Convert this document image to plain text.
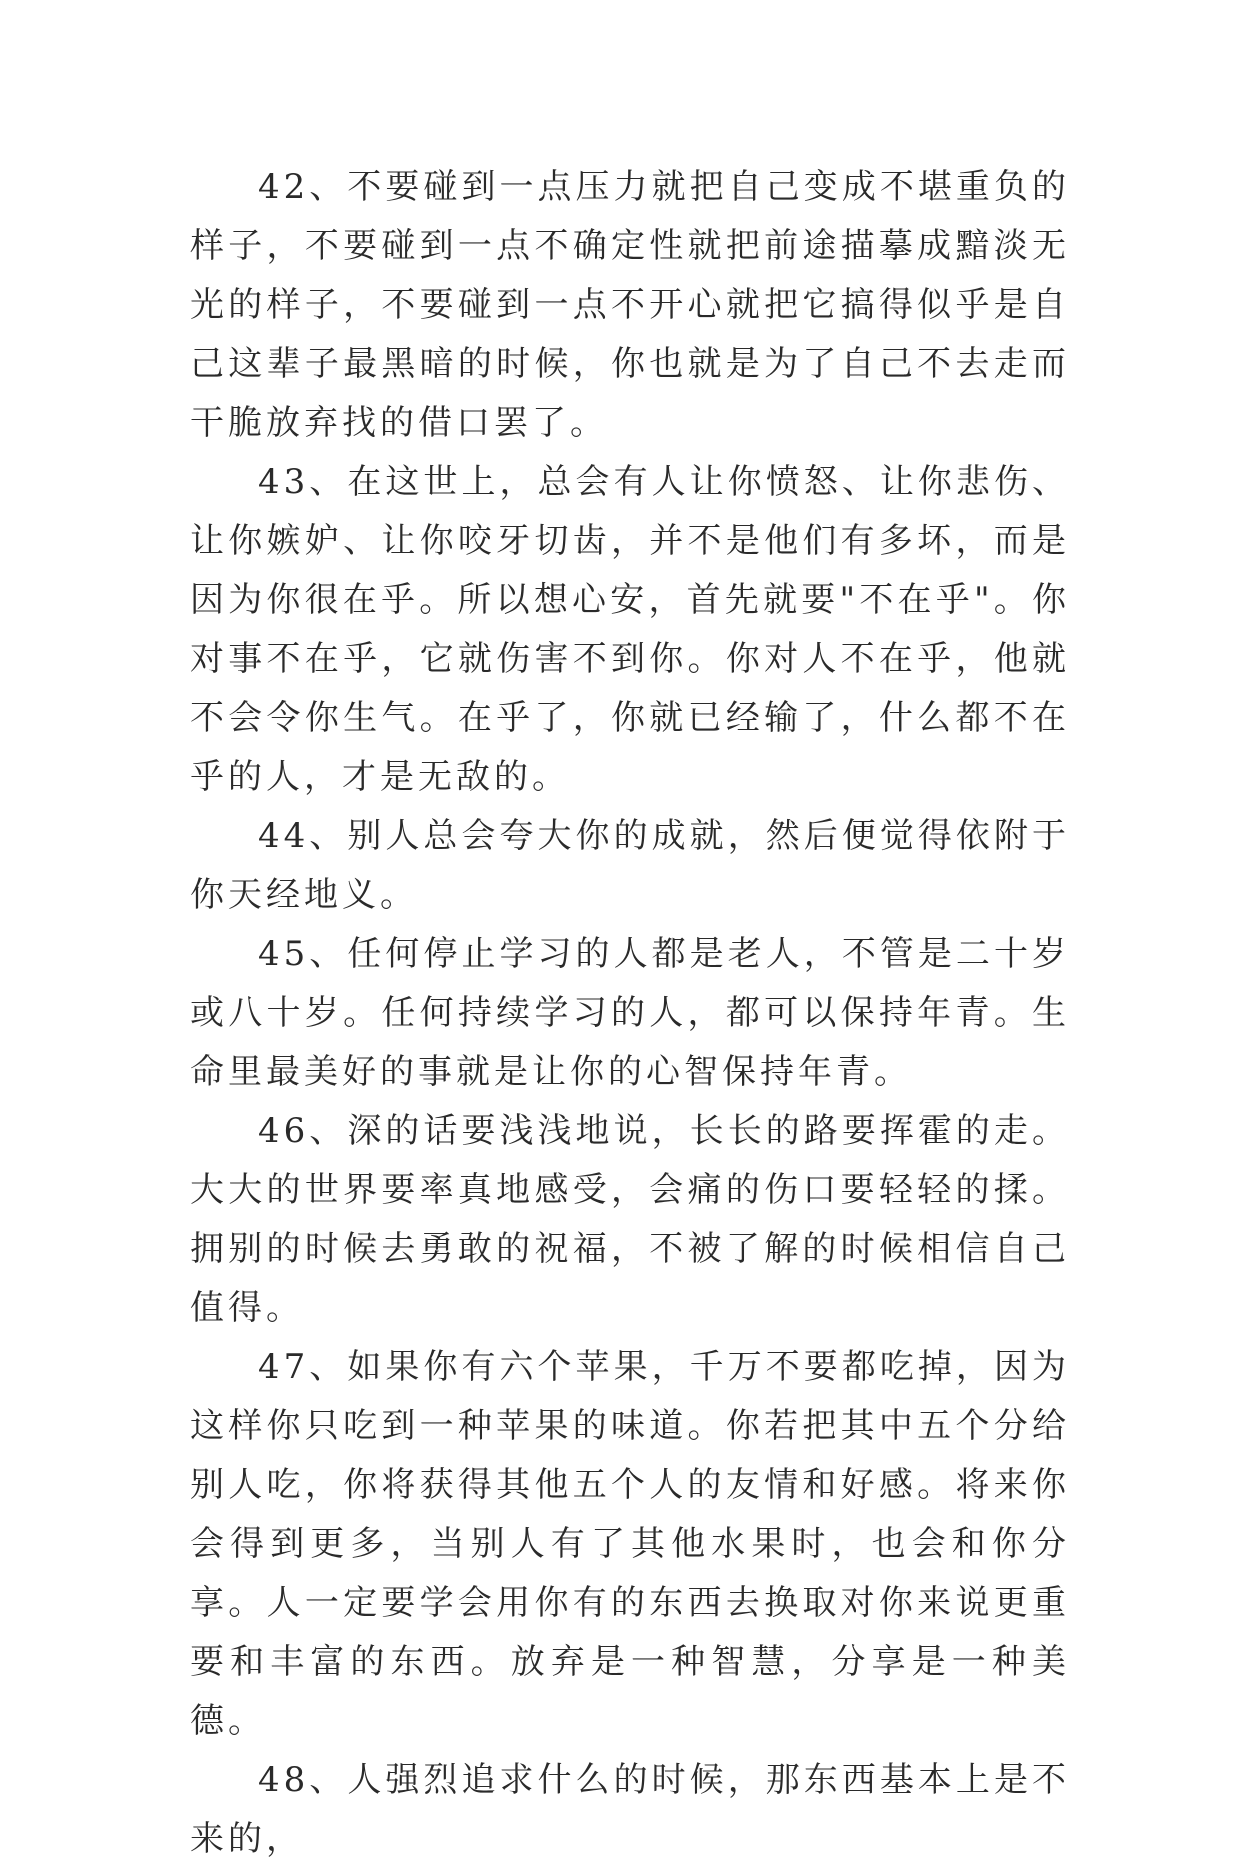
42、不要碰到一点压力就把自己变成不堪重负的样子，不要碰到一点不确定性就把前途描摹成黯淡无光的样子，不要碰到一点不开心就把它搞得似乎是自己这辈子最黑暗的时候，你也就是为了自己不去走而干脆放弃找的借口罢了。

43、在这世上，总会有人让你愤怒、让你悲伤、让你嫉妒、让你咬牙切齿，并不是他们有多坏，而是因为你很在乎。所以想心安，首先就要"不在乎"。你对事不在乎，它就伤害不到你。你对人不在乎，他就不会令你生气。在乎了，你就已经输了，什么都不在乎的人，才是无敌的。

44、别人总会夸大你的成就，然后便觉得依附于你天经地义。

45、任何停止学习的人都是老人，不管是二十岁或八十岁。任何持续学习的人，都可以保持年青。生命里最美好的事就是让你的心智保持年青。

46、深的话要浅浅地说，长长的路要挥霍的走。大大的世界要率真地感受，会痛的伤口要轻轻的揉。拥别的时候去勇敢的祝福，不被了解的时候相信自己值得。

47、如果你有六个苹果，千万不要都吃掉，因为这样你只吃到一种苹果的味道。你若把其中五个分给别人吃，你将获得其他五个人的友情和好感。将来你会得到更多，当别人有了其他水果时，也会和你分享。人一定要学会用你有的东西去换取对你来说更重要和丰富的东西。放弃是一种智慧，分享是一种美德。

48、人强烈追求什么的时候，那东西基本上是不来的，
